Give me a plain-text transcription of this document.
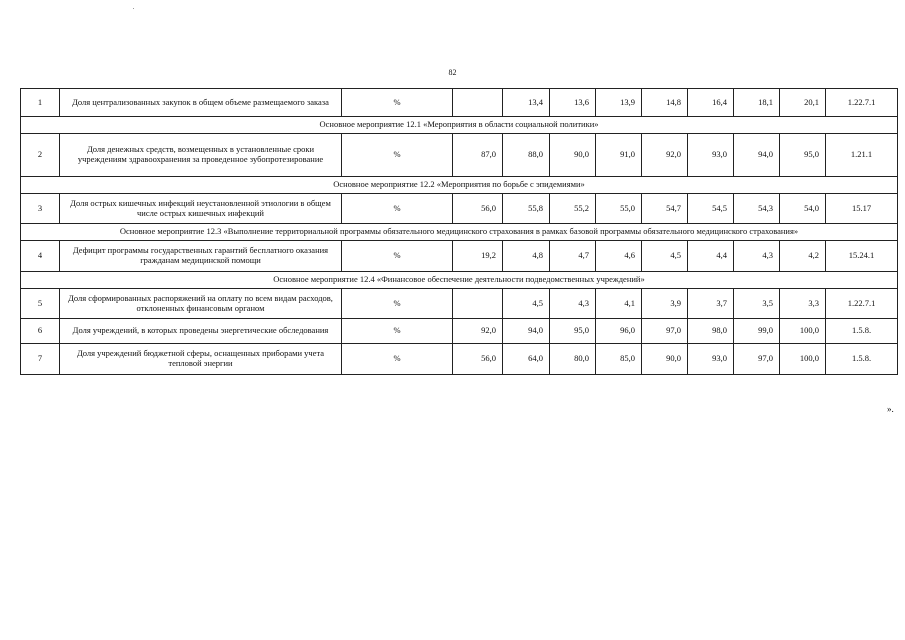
82
1	Доля централизованных закупок в общем объеме размещаемого заказа	%		13,4	13,6	13,9	14,8	16,4	18,1	20,1	1.22.7.1
Основное мероприятие 12.1 «Мероприятия в области социальной политики»											
2	Доля денежных средств, возмещенных в установленные сроки учреждениям здравоохранения за проведенное зубопротезирование	%	87,0	88,0	90,0	91,0	92,0	93,0	94,0	95,0	1.21.1
Основное мероприятие 12.2 «Мероприятия по борьбе с эпидемиями»											
3	Доля острых кишечных инфекций неустановленной этиологии в общем числе острых кишечных инфекций	%	56,0	55,8	55,2	55,0	54,7	54,5	54,3	54,0	15.17
Основное мероприятие 12.3 «Выполнение территориальной программы обязательного медицинского страхования в рамках базовой программы обязательного медицинского страхования»											
4	Дефицит программы государственных гарантий бесплатного оказания гражданам медицинской помощи	%	19,2	4,8	4,7	4,6	4,5	4,4	4,3	4,2	15.24.1
Основное мероприятие 12.4 «Финансовое обеспечение деятельности подведомственных учреждений»											
5	Доля сформированных распоряжений на оплату по всем видам расходов, отклоненных финансовым органом	%		4,5	4,3	4,1	3,9	3,7	3,5	3,3	1.22.7.1
6	Доля учреждений, в которых проведены энергетические обследования	%	92,0	94,0	95,0	96,0	97,0	98,0	99,0	100,0	1.5.8.
7	Доля учреждений бюджетной сферы, оснащенных приборами учета тепловой энергии	%	56,0	64,0	80,0	85,0	90,0	93,0	97,0	100,0	1.5.8.
».
